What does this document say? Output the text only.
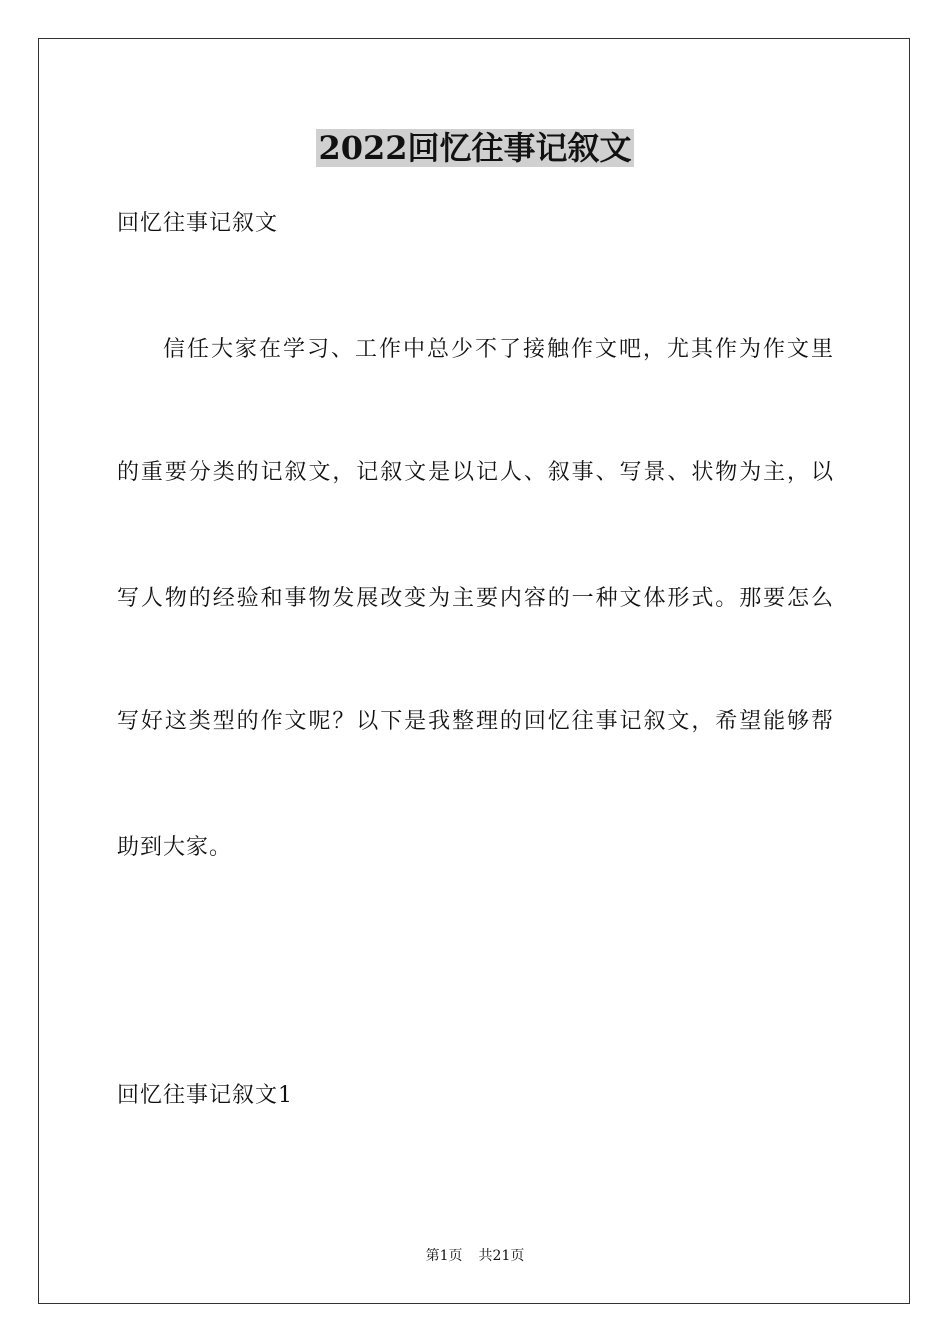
2022回忆往事记叙文

回忆往事记叙文

信任大家在学习、工作中总少不了接触作文吧，尤其作为作文里

的重要分类的记叙文，记叙文是以记人、叙事、写景、状物为主，以

写人物的经验和事物发展改变为主要内容的一种文体形式。那要怎么

写好这类型的作文呢？以下是我整理的回忆往事记叙文，希望能够帮

助到大家。

回忆往事记叙文1

第1页 共21页
